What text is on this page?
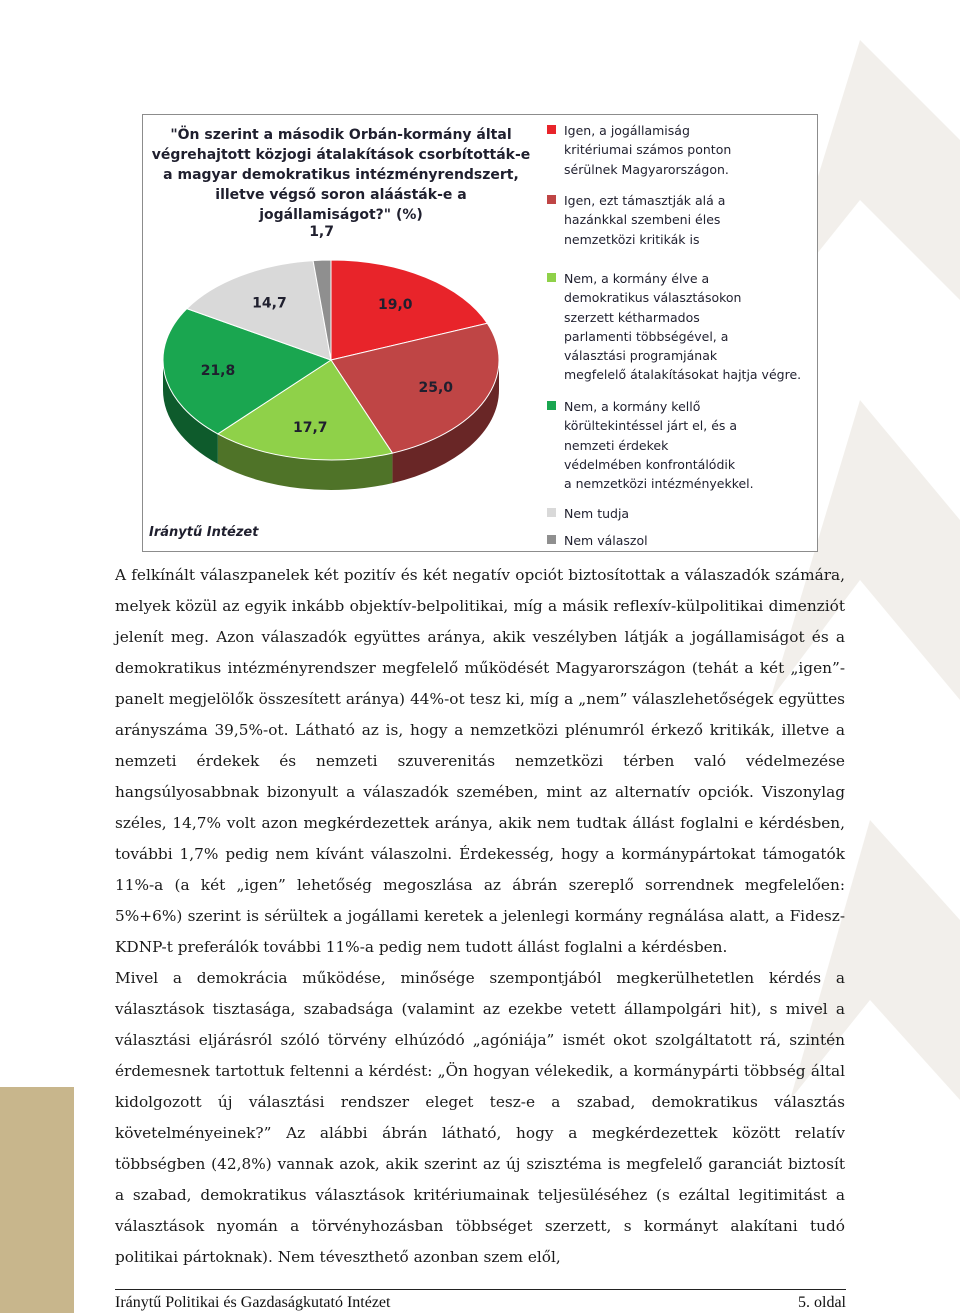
"Ön szerint a második Orbán-kormány által végrehajtott közjogi átalakítások csorbították-e a magyar demokratikus intézményrendszert, illetve végső soron aláásták-e a jogállamiságot?" (%)

19,0
25,0
17,7
21,8
14,7
1,7
Iránytű Intézet
Igen, a jogállamiság
kritériumai számos ponton
sérülnek Magyarországon.
Igen, ezt támasztják alá a
hazánkkal szembeni éles
nemzetközi kritikák is
Nem, a kormány élve a
demokratikus választásokon
szerzett kétharmados
parlamenti többségével, a
választási programjának
megfelelő átalakításokat hajtja végre.
Nem, a kormány kellő
körültekintéssel járt el, és a
nemzeti érdekek
védelmében konfrontálódik
a nemzetközi intézményekkel.
Nem tudja
Nem válaszol

A felkínált válaszpanelek két pozitív és két negatív opciót biztosítottak a válaszadók számára, melyek közül az egyik inkább objektív-belpolitikai, míg a másik reflexív-külpolitikai dimenziót jelenít meg. Azon válaszadók együttes aránya, akik veszélyben látják a jogállamiságot és a demokratikus intézményrendszer megfelelő működését Magyarországon (tehát a két „igen”-panelt megjelölők összesített aránya) 44%-ot tesz ki, míg a „nem” válaszlehetőségek együttes arányszáma 39,5%-ot. Látható az is, hogy a nemzetközi plénumról érkező kritikák, illetve a nemzeti érdekek és nemzeti szuverenitás nemzetközi térben való védelmezése hangsúlyosabbnak bizonyult a válaszadók szemében, mint az alternatív opciók. Viszonylag széles, 14,7% volt azon megkérdezettek aránya, akik nem tudtak állást foglalni e kérdésben, további 1,7% pedig nem kívánt válaszolni. Érdekesség, hogy a kormánypártokat támogatók 11%-a (a két „igen” lehetőség megoszlása az ábrán szereplő sorrendnek megfelelően: 5%+6%) szerint is sérültek a jogállami keretek a jelenlegi kormány regnálása alatt, a Fidesz-KDNP-t preferálók további 11%-a pedig nem tudott állást foglalni a kérdésben.

Mivel a demokrácia működése, minősége szempontjából megkerülhetetlen kérdés a választások tisztasága, szabadsága (valamint az ezekbe vetett állampolgári hit), s mivel a választási eljárásról szóló törvény elhúzódó „agóniája” ismét okot szolgáltatott rá, szintén érdemesnek tartottuk feltenni a kérdést: „Ön hogyan vélekedik, a kormánypárti többség által kidolgozott új választási rendszer eleget tesz-e a szabad, demokratikus választás követelményeinek?” Az alábbi ábrán látható, hogy a megkérdezettek között relatív többségben (42,8%) vannak azok, akik szerint az új szisztéma is megfelelő garanciát biztosít a szabad, demokratikus választások kritériumainak teljesüléséhez (s ezáltal legitimitást a választások nyomán a törvényhozásban többséget szerzett, s kormányt alakítani tudó politikai pártoknak). Nem téveszthető azonban szem elől,

Iránytű Politikai és Gazdaságkutató Intézet	5. oldal
